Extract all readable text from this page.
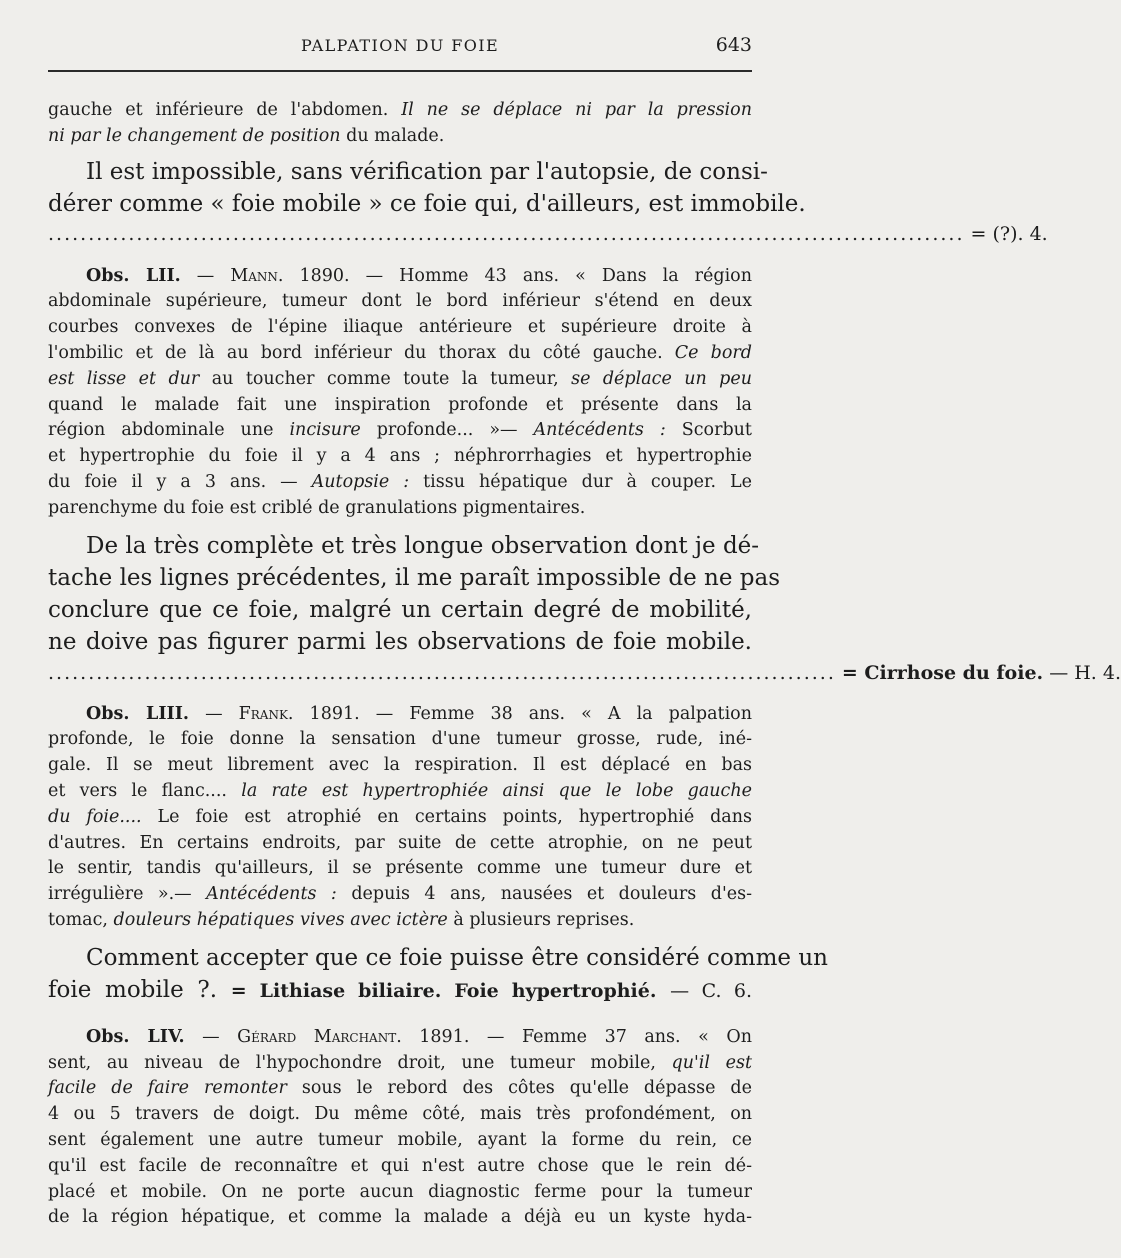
PALPATION DU FOIE	643
gauche et inférieure de l'abdomen. Il ne se déplace ni par la pression
ni par le changement de position du malade.
Il est impossible, sans vérification par l'autopsie, de consi-
dérer comme « foie mobile » ce foie qui, d'ailleurs, est immobile.
.................................................................................................................. = (?). 4.
Obs. LII. — Mann. 1890. — Homme 43 ans. « Dans la région
abdominale supérieure, tumeur dont le bord inférieur s'étend en deux
courbes convexes de l'épine iliaque antérieure et supérieure droite à
l'ombilic et de là au bord inférieur du thorax du côté gauche. Ce bord
est lisse et dur au toucher comme toute la tumeur, se déplace un peu
quand le malade fait une inspiration profonde et présente dans la
région abdominale une incisure profonde... »— Antécédents : Scorbut
et hypertrophie du foie il y a 4 ans ; néphrorrhagies et hypertrophie
du foie il y a 3 ans. — Autopsie : tissu hépatique dur à couper. Le
parenchyme du foie est criblé de granulations pigmentaires.
De la très complète et très longue observation dont je dé-
tache les lignes précédentes, il me paraît impossible de ne pas
conclure que ce foie, malgré un certain degré de mobilité,
ne doive pas figurer parmi les observations de foie mobile.
.................................................................................................. = Cirrhose du foie. — H. 4.
Obs. LIII. — Frank. 1891. — Femme 38 ans. « A la palpation
profonde, le foie donne la sensation d'une tumeur grosse, rude, iné-
gale. Il se meut librement avec la respiration. Il est déplacé en bas
et vers le flanc.... la rate est hypertrophiée ainsi que le lobe gauche
du foie.... Le foie est atrophié en certains points, hypertrophié dans
d'autres. En certains endroits, par suite de cette atrophie, on ne peut
le sentir, tandis qu'ailleurs, il se présente comme une tumeur dure et
irrégulière ».— Antécédents : depuis 4 ans, nausées et douleurs d'es-
tomac, douleurs hépatiques vives avec ictère à plusieurs reprises.
Comment accepter que ce foie puisse être considéré comme un
foie mobile ?. = Lithiase biliaire. Foie hypertrophié. — C. 6.
Obs. LIV. — Gérard Marchant. 1891. — Femme 37 ans. « On
sent, au niveau de l'hypochondre droit, une tumeur mobile, qu'il est
facile de faire remonter sous le rebord des côtes qu'elle dépasse de
4 ou 5 travers de doigt. Du même côté, mais très profondément, on
sent également une autre tumeur mobile, ayant la forme du rein, ce
qu'il est facile de reconnaître et qui n'est autre chose que le rein dé-
placé et mobile. On ne porte aucun diagnostic ferme pour la tumeur
de la région hépatique, et comme la malade a déjà eu un kyste hyda-
